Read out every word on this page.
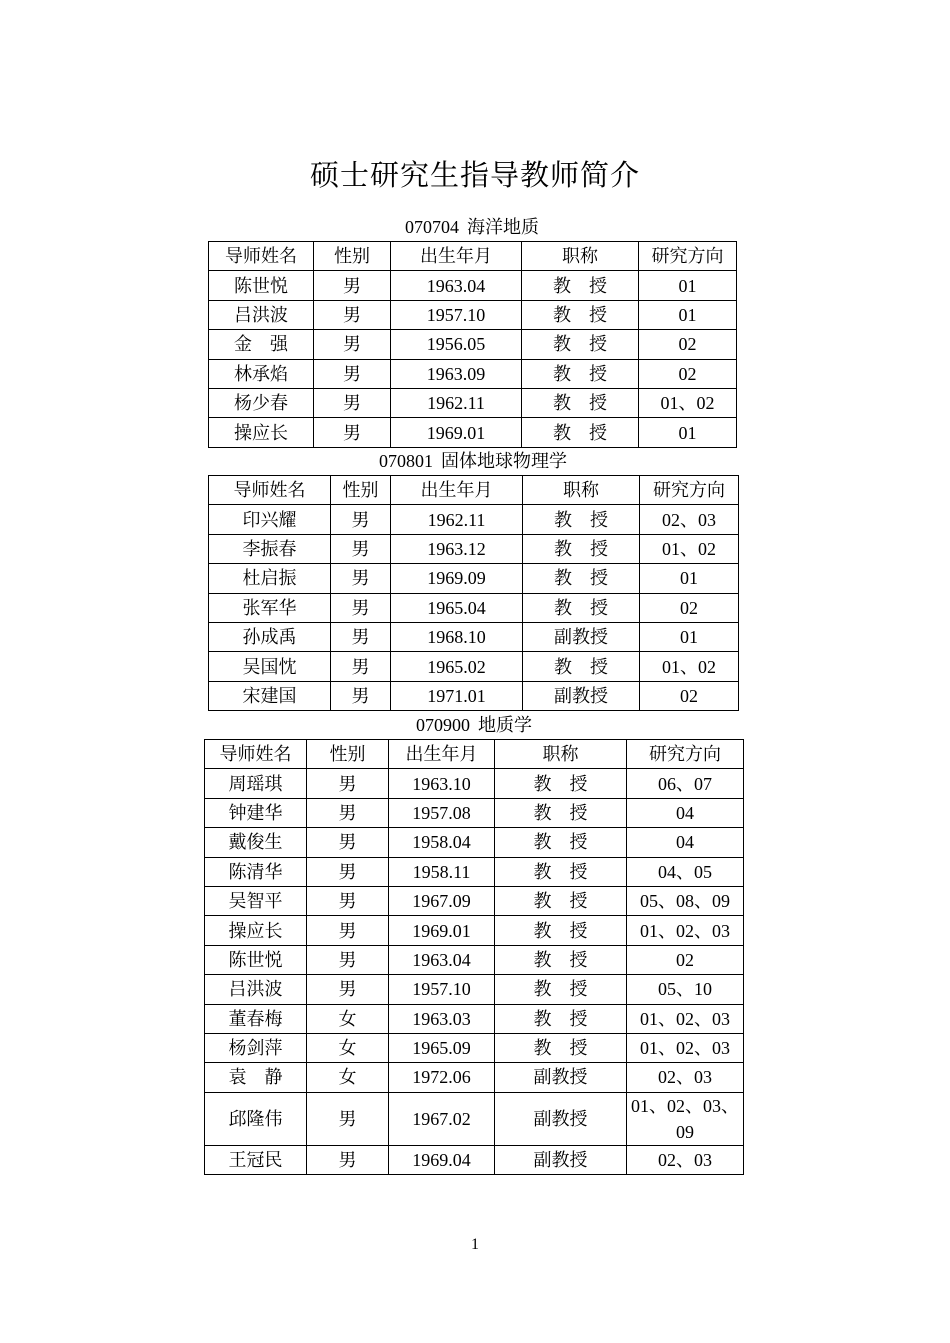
硕士研究生指导教师简介
070704 海洋地质
导师姓名	性别	出生年月	职称	研究方向
陈世悦	男	1963.04	教　授	01
吕洪波	男	1957.10	教　授	01
金　强	男	1956.05	教　授	02
林承焰	男	1963.09	教　授	02
杨少春	男	1962.11	教　授	01、02
操应长	男	1969.01	教　授	01
070801 固体地球物理学
导师姓名	性别	出生年月	职称	研究方向
印兴耀	男	1962.11	教　授	02、03
李振春	男	1963.12	教　授	01、02
杜启振	男	1969.09	教　授	01
张军华	男	1965.04	教　授	02
孙成禹	男	1968.10	副教授	01
吴国忱	男	1965.02	教　授	01、02
宋建国	男	1971.01	副教授	02
070900 地质学
导师姓名	性别	出生年月	职称	研究方向
周瑶琪	男	1963.10	教　授	06、07
钟建华	男	1957.08	教　授	04
戴俊生	男	1958.04	教　授	04
陈清华	男	1958.11	教　授	04、05
吴智平	男	1967.09	教　授	05、08、09
操应长	男	1969.01	教　授	01、02、03
陈世悦	男	1963.04	教　授	02
吕洪波	男	1957.10	教　授	05、10
董春梅	女	1963.03	教　授	01、02、03
杨剑萍	女	1965.09	教　授	01、02、03
袁　静	女	1972.06	副教授	02、03
邱隆伟	男	1967.02	副教授	01、02、03、09
王冠民	男	1969.04	副教授	02、03
1
